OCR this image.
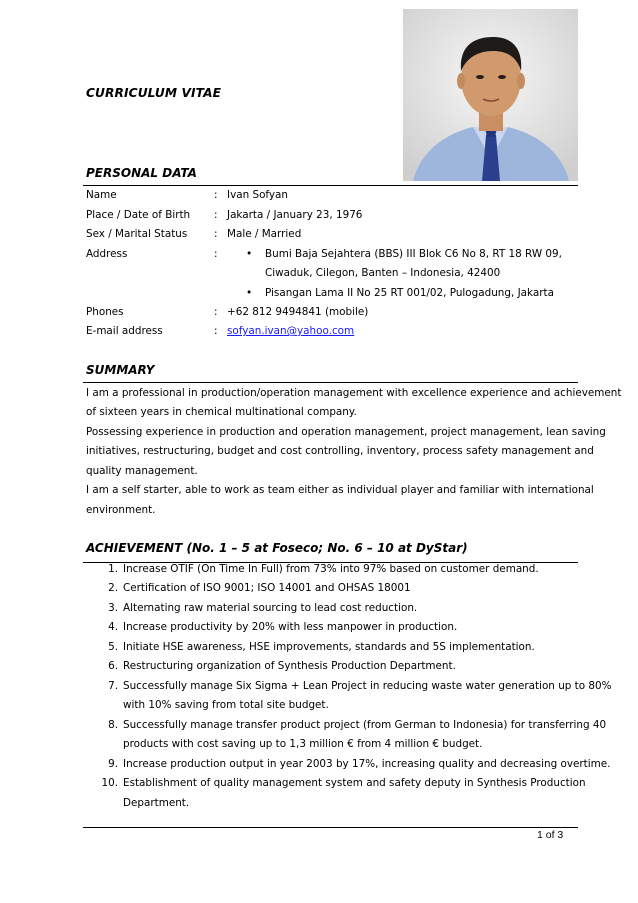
CURRICULUM VITAE
PERSONAL DATA
Name	: Ivan Sofyan
Place / Date of Birth : Jakarta / January 23, 1976
Sex / Marital Status	: Male / Married
Address	:	• Bumi Baja Sejahtera (BBS) III Blok C6 No 8, RT 18 RW 09,
Ciwaduk, Cilegon, Banten – Indonesia, 42400
• Pisangan Lama II No 25 RT 001/02, Pulogadung, Jakarta
Phones	: +62 812 9494841 (mobile)
E-mail address	: sofyan.ivan@yahoo.com
SUMMARY
I am a professional in production/operation management with excellence experience and achievement
of sixteen years in chemical multinational company.
Possessing experience in production and operation management, project management, lean saving
initiatives, restructuring, budget and cost controlling, inventory, process safety management and
quality management.
I am a self starter, able to work as team either as individual player and familiar with international
environment.
ACHIEVEMENT (No. 1 – 5 at Foseco; No. 6 – 10 at DyStar)
1. Increase OTIF (On Time In Full) from 73% into 97% based on customer demand.
2. Certification of ISO 9001; ISO 14001 and OHSAS 18001
3. Alternating raw material sourcing to lead cost reduction.
4. Increase productivity by 20% with less manpower in production.
5. Initiate HSE awareness, HSE improvements, standards and 5S implementation.
6. Restructuring organization of Synthesis Production Department.
7. Successfully manage Six Sigma + Lean Project in reducing waste water generation up to 80%
with 10% saving from total site budget.
8. Successfully manage transfer product project (from German to Indonesia) for transferring 40
products with cost saving up to 1,3 million € from 4 million € budget.
9. Increase production output in year 2003 by 17%, increasing quality and decreasing overtime.
10. Establishment of quality management system and safety deputy in Synthesis Production
Department.
1 of 3
